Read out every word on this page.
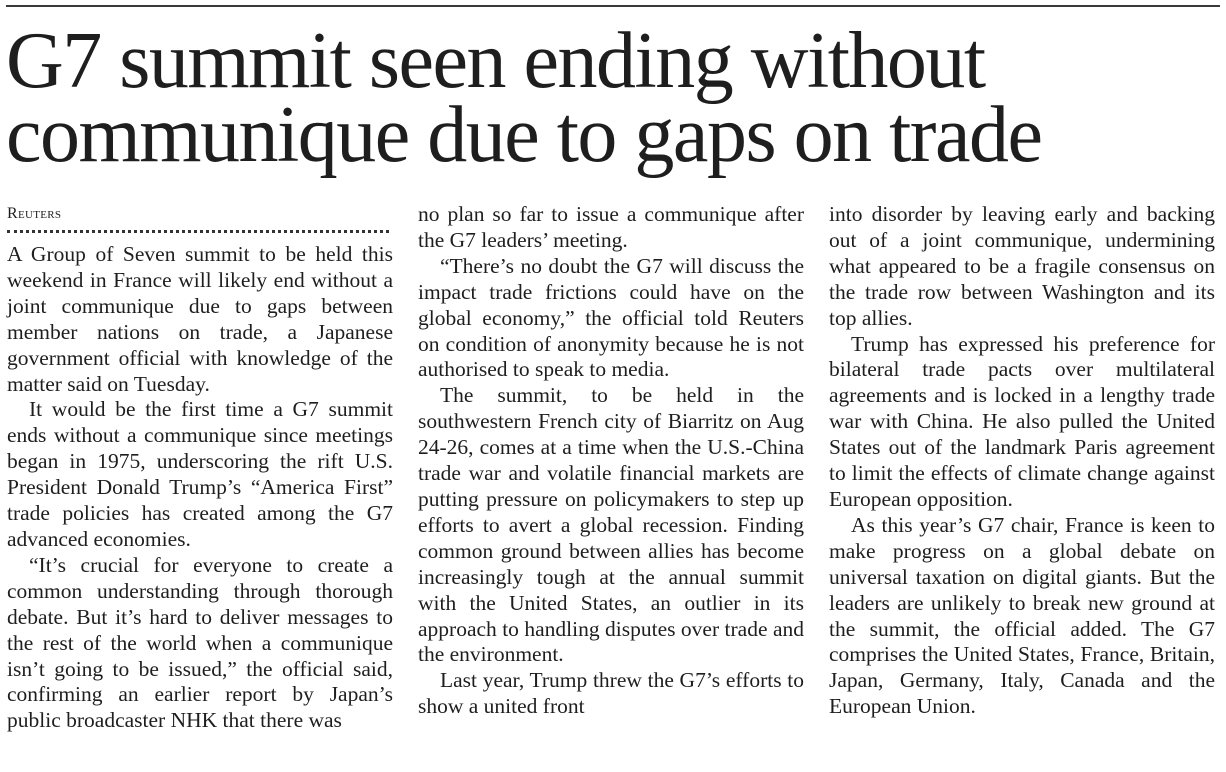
G7 summit seen ending without
communique due to gaps on trade
Reuters

A Group of Seven summit to be held this weekend in France will likely end without a joint communique due to gaps between member nations on trade, a Japanese government official with knowledge of the matter said on Tuesday.

It would be the first time a G7 summit ends without a communique since meetings began in 1975, underscoring the rift U.S. President Donald Trump’s “America First” trade policies has created among the G7 advanced economies.

“It’s crucial for everyone to create a common understanding through thorough debate. But it’s hard to deliver messages to the rest of the world when a communique isn’t going to be issued,” the official said, confirming an earlier report by Japan’s public broadcaster NHK that there was

no plan so far to issue a communique after the G7 leaders’ meeting.

“There’s no doubt the G7 will discuss the impact trade frictions could have on the global economy,” the official told Reuters on condition of anonymity because he is not authorised to speak to media.

The summit, to be held in the southwestern French city of Biarritz on Aug 24-26, comes at a time when the U.S.-China trade war and volatile financial markets are putting pressure on policymakers to step up efforts to avert a global recession. Finding common ground between allies has become increasingly tough at the annual summit with the United States, an outlier in its approach to handling disputes over trade and the environment.

Last year, Trump threw the G7’s efforts to show a united front

into disorder by leaving early and backing out of a joint communique, undermining what appeared to be a fragile consensus on the trade row between Washington and its top allies.

Trump has expressed his preference for bilateral trade pacts over multilateral agreements and is locked in a lengthy trade war with China. He also pulled the United States out of the landmark Paris agreement to limit the effects of climate change against European opposition.

As this year’s G7 chair, France is keen to make progress on a global debate on universal taxation on digital giants. But the leaders are unlikely to break new ground at the summit, the official added. The G7 comprises the United States, France, Britain, Japan, Germany, Italy, Canada and the European Union.
